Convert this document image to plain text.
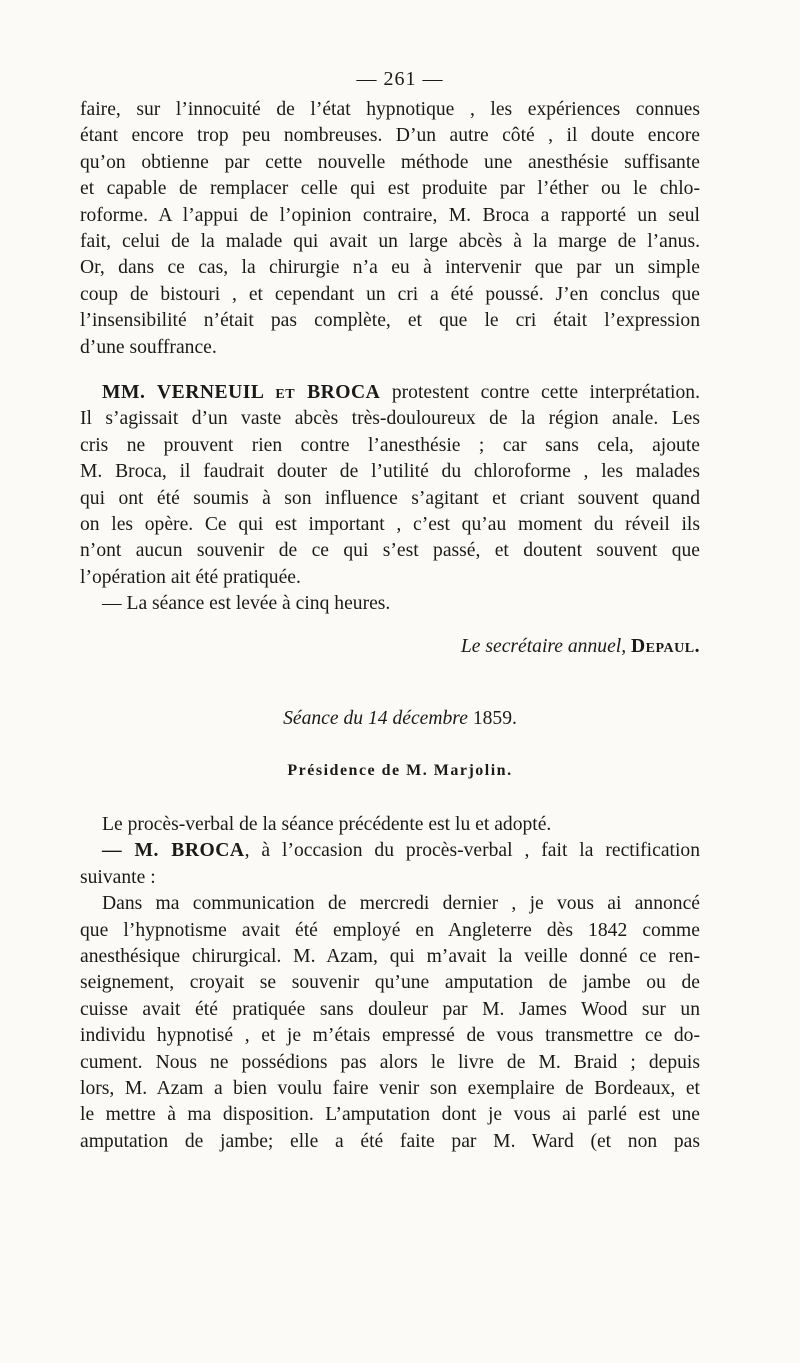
— 261 —
faire, sur l’innocuité de l’état hypnotique , les expériences connues
étant encore trop peu nombreuses. D’un autre côté , il doute encore
qu’on obtienne par cette nouvelle méthode une anesthésie suffisante
et capable de remplacer celle qui est produite par l’éther ou le chlo-
roforme. A l’appui de l’opinion contraire, M. Broca a rapporté un seul
fait, celui de la malade qui avait un large abcès à la marge de l’anus.
Or, dans ce cas, la chirurgie n’a eu à intervenir que par un simple
coup de bistouri , et cependant un cri a été poussé. J’en conclus que
l’insensibilité n’était pas complète, et que le cri était l’expression
d’une souffrance.
MM. VERNEUIL et BROCA protestent contre cette interprétation.
Il s’agissait d’un vaste abcès très-douloureux de la région anale. Les
cris ne prouvent rien contre l’anesthésie ; car sans cela, ajoute
M. Broca, il faudrait douter de l’utilité du chloroforme , les malades
qui ont été soumis à son influence s’agitant et criant souvent quand
on les opère. Ce qui est important , c’est qu’au moment du réveil ils
n’ont aucun souvenir de ce qui s’est passé, et doutent souvent que
l’opération ait été pratiquée.
— La séance est levée à cinq heures.
Le secrétaire annuel, Depaul.
Séance du 14 décembre 1859.
Présidence de M. Marjolin.
Le procès-verbal de la séance précédente est lu et adopté.
— M. BROCA, à l’occasion du procès-verbal , fait la rectification
suivante :
Dans ma communication de mercredi dernier , je vous ai annoncé
que l’hypnotisme avait été employé en Angleterre dès 1842 comme
anesthésique chirurgical. M. Azam, qui m’avait la veille donné ce ren-
seignement, croyait se souvenir qu’une amputation de jambe ou de
cuisse avait été pratiquée sans douleur par M. James Wood sur un
individu hypnotisé , et je m’étais empressé de vous transmettre ce do-
cument. Nous ne possédions pas alors le livre de M. Braid ; depuis
lors, M. Azam a bien voulu faire venir son exemplaire de Bordeaux, et
le mettre à ma disposition. L’amputation dont je vous ai parlé est une
amputation de jambe; elle a été faite par M. Ward (et non pas
